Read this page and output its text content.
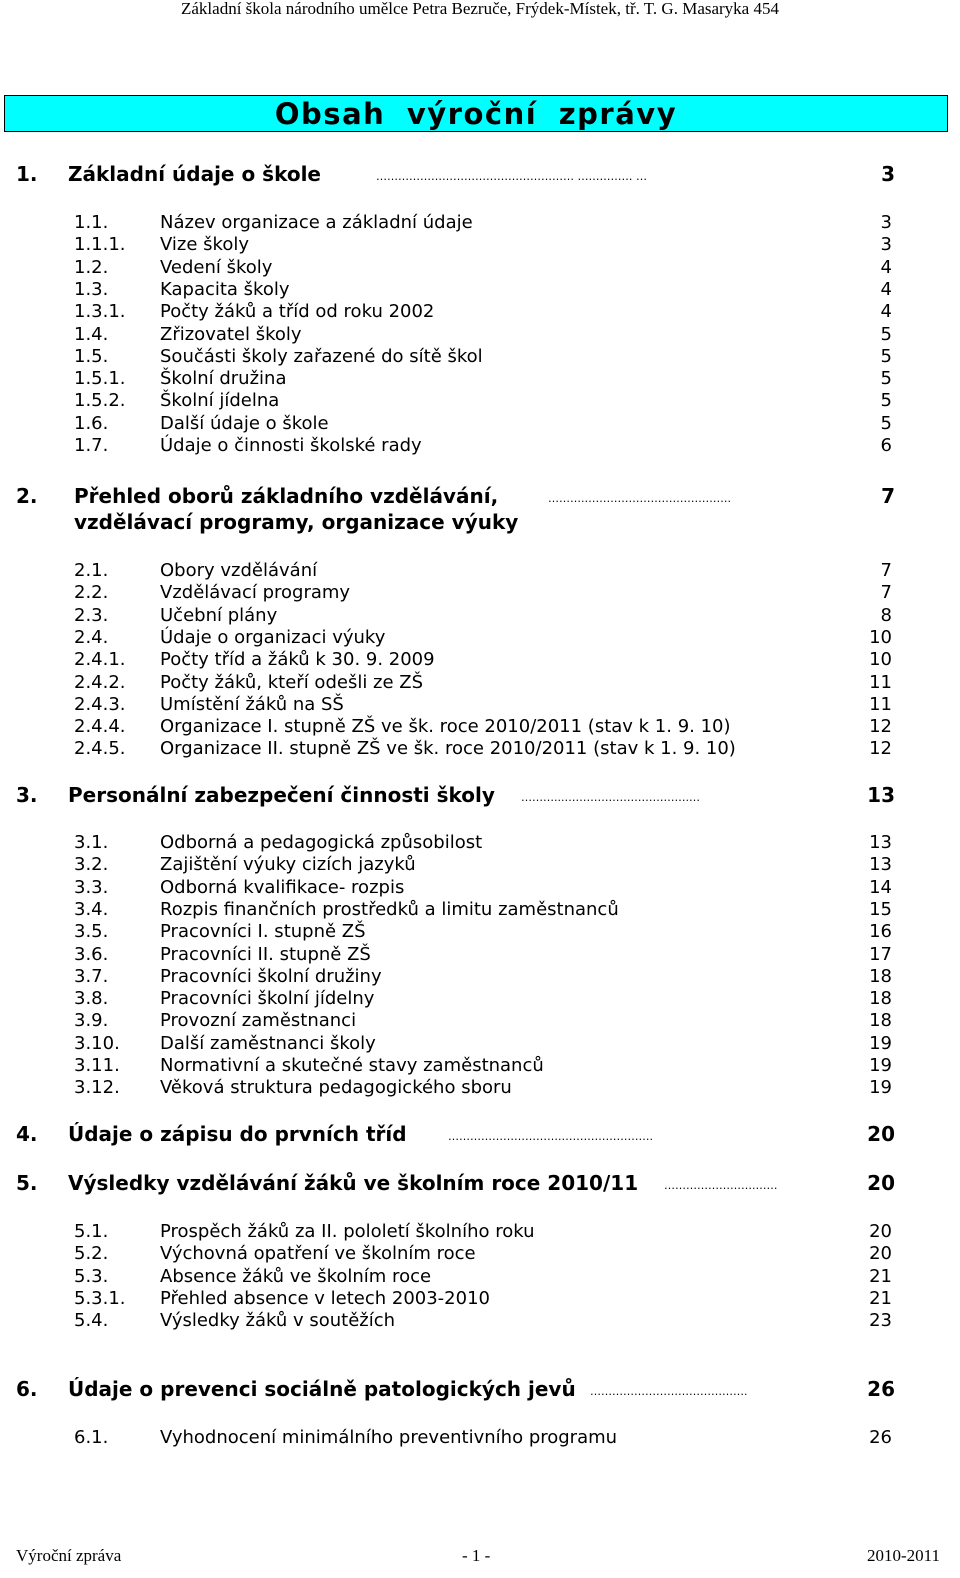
Základní škola národního umělce Petra Bezruče, Frýdek-Místek, tř. T. G. Masaryka 454
Obsah výroční zprávy
1. Základní údaje o škole	……………………………………………… …………… …	3
1.1.	Název organizace a základní údaje	3
1.1.1. Vize školy	3
1.2.	Vedení školy	4
1.3.	Kapacita školy	4
1.3.1. Počty žáků a tříd od roku 2002	4
1.4.	Zřizovatel školy	5
1.5.	Součásti školy zařazené do sítě škol	5
1.5.1. Školní družina	5
1.5.2. Školní jídelna	5
1.6.	Další údaje o škole	5
1.7.	Údaje o činnosti školské rady	6
2. Přehled oborů základního vzdělávání,
vzdělávací programy, organizace výuky
……….………………………………….	7
2.1.	Obory vzdělávání	7
2.2.	Vzdělávací programy	7
2.3.	Učební plány	8
2.4.	Údaje o organizaci výuky	10
2.4.1. Počty tříd a žáků k 30. 9. 2009	10
2.4.2. Počty žáků, kteří odešli ze ZŠ	11
2.4.3. Umístění žáků na SŠ	11
2.4.4. Organizace I. stupně ZŠ ve šk. roce 2010/2011 (stav k 1. 9. 10)	12
2.4.5. Organizace II. stupně ZŠ ve šk. roce 2010/2011 (stav k 1. 9. 10)	12
3. Personální zabezpečení činnosti školy ………...…………………………….…	13
3.1.	Odborná a pedagogická způsobilost	13
3.2.	Zajištění výuky cizích jazyků	13
3.3.	Odborná kvalifikace- rozpis	14
3.4.	Rozpis finančních prostředků a limitu zaměstnanců	15
3.5.	Pracovníci I. stupně ZŠ	16
3.6.	Pracovníci II. stupně ZŠ	17
3.7.	Pracovníci školní družiny	18
3.8.	Pracovníci školní jídelny	18
3.9.	Provozní zaměstnanci	18
3.10. Další zaměstnanci školy	19
3.11. Normativní a skutečné stavy zaměstnanců	19
3.12. Věková struktura pedagogického sboru	19
4. Údaje o zápisu do prvních tříd	………………………….…………………….	20
5. Výsledky vzdělávání žáků ve školním roce 2010/11 …………………….……	20
5.1.	Prospěch žáků za II. pololetí školního roku	20
5.2.	Výchovná opatření ve školním roce	20
5.3.	Absence žáků ve školním roce	21
5.3.1. Přehled absence v letech 2003-2010	21
5.4.	Výsledky žáků v soutěžích	23
6. Údaje o prevenci sociálně patologických jevů …………………………………….	26
6.1.	Vyhodnocení minimálního preventivního programu	26
Výroční zpráva	- 1 -	2010-2011
